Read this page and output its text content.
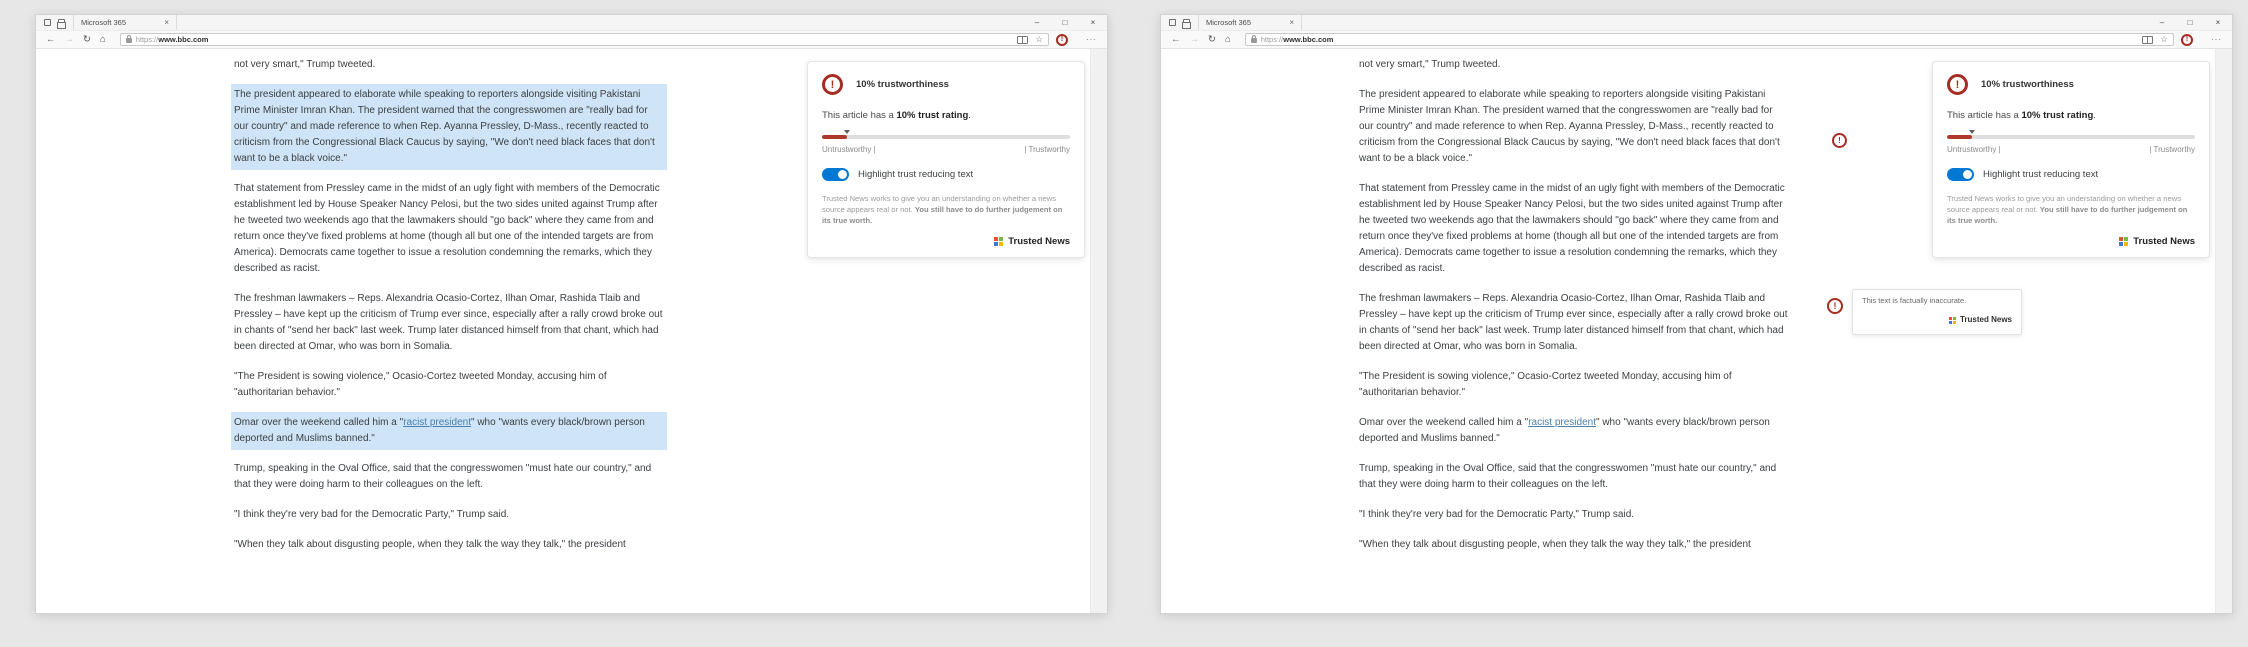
Microsoft 365	×	–	□	×
← → ↻ ⌂	https:// www.bbc.com	☆	!	···

not very smart," Trump tweeted.

The president appeared to elaborate while speaking to reporters alongside visiting Pakistani Prime Minister Imran Khan. The president warned that the congresswomen are "really bad for our country" and made reference to when Rep. Ayanna Pressley, D-Mass., recently reacted to criticism from the Congressional Black Caucus by saying, "We don't need black faces that don't want to be a black voice."

That statement from Pressley came in the midst of an ugly fight with members of the Democratic establishment led by House Speaker Nancy Pelosi, but the two sides united against Trump after he tweeted two weekends ago that the lawmakers should "go back" where they came from and return once they've fixed problems at home (though all but one of the intended targets are from America). Democrats came together to issue a resolution condemning the remarks, which they described as racist.

The freshman lawmakers – Reps. Alexandria Ocasio-Cortez, Ilhan Omar, Rashida Tlaib and Pressley – have kept up the criticism of Trump ever since, especially after a rally crowd broke out in chants of "send her back" last week. Trump later distanced himself from that chant, which had been directed at Omar, who was born in Somalia.

"The President is sowing violence," Ocasio-Cortez tweeted Monday, accusing him of "authoritarian behavior."

Omar over the weekend called him a "racist president" who "wants every black/brown person deported and Muslims banned."

Trump, speaking in the Oval Office, said that the congresswomen "must hate our country," and that they were doing harm to their colleagues on the left.

"I think they're very bad for the Democratic Party," Trump said.

"When they talk about disgusting people, when they talk the way they talk," the president

!	10% trustworthiness
This article has a 10% trust rating.
Untrustworthy |	| Trustworthy
Highlight trust reducing text
Trusted News works to give you an understanding on whether a news source appears real or not. You still have to do further judgement on its true worth.
Trusted News
Microsoft 365	×	–	□	×
← → ↻ ⌂	https:// www.bbc.com	☆	!	···

not very smart," Trump tweeted.

The president appeared to elaborate while speaking to reporters alongside visiting Pakistani Prime Minister Imran Khan. The president warned that the congresswomen are "really bad for our country" and made reference to when Rep. Ayanna Pressley, D-Mass., recently reacted to criticism from the Congressional Black Caucus by saying, "We don't need black faces that don't want to be a black voice."
!

That statement from Pressley came in the midst of an ugly fight with members of the Democratic establishment led by House Speaker Nancy Pelosi, but the two sides united against Trump after he tweeted two weekends ago that the lawmakers should "go back" where they came from and return once they've fixed problems at home (though all but one of the intended targets are from America). Democrats came together to issue a resolution condemning the remarks, which they described as racist.

The freshman lawmakers – Reps. Alexandria Ocasio-Cortez, Ilhan Omar, Rashida Tlaib and Pressley – have kept up the criticism of Trump ever since, especially after a rally crowd broke out in chants of "send her back" last week. Trump later distanced himself from that chant, which had been directed at Omar, who was born in Somalia.
!
This text is factually inaccurate.
Trusted News

"The President is sowing violence," Ocasio-Cortez tweeted Monday, accusing him of "authoritarian behavior."

Omar over the weekend called him a "racist president" who "wants every black/brown person deported and Muslims banned."

Trump, speaking in the Oval Office, said that the congresswomen "must hate our country," and that they were doing harm to their colleagues on the left.

"I think they're very bad for the Democratic Party," Trump said.

"When they talk about disgusting people, when they talk the way they talk," the president

!	10% trustworthiness
This article has a 10% trust rating.
Untrustworthy |	| Trustworthy
Highlight trust reducing text
Trusted News works to give you an understanding on whether a news source appears real or not. You still have to do further judgement on its true worth.
Trusted News
